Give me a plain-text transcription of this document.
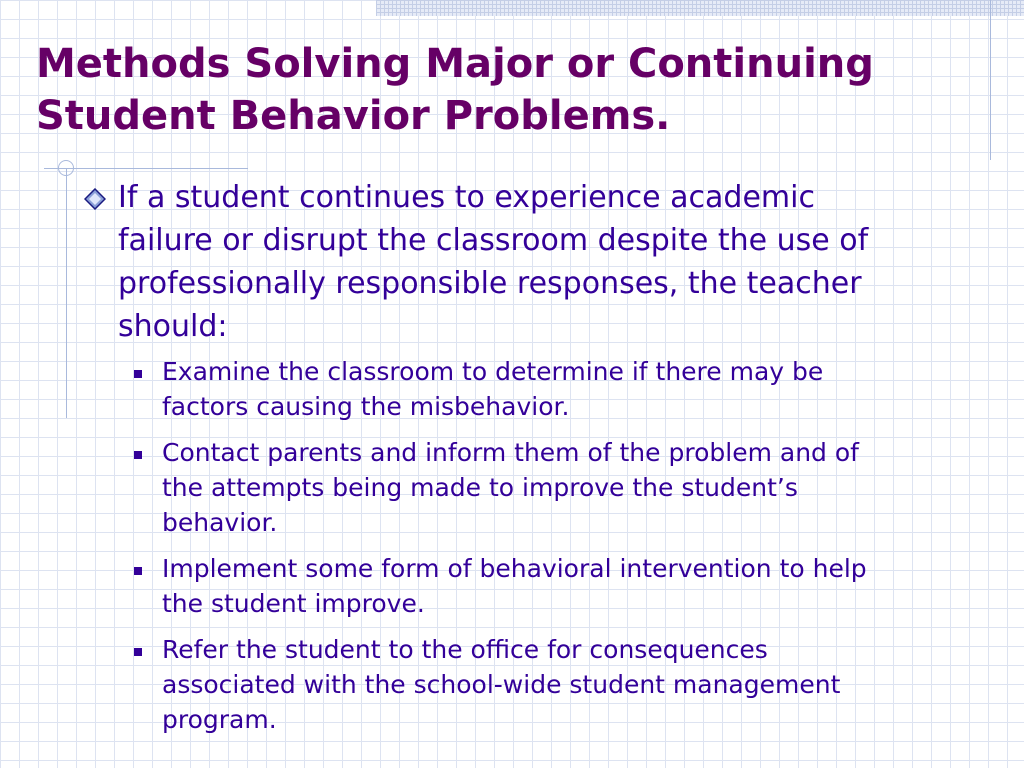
Methods Solving Major or Continuing
Student Behavior Problems.
If a student continues to experience academic
failure or disrupt the classroom despite the use of
professionally responsible responses, the teacher
should:
Examine the classroom to determine if there may be
factors causing the misbehavior.
Contact parents and inform them of the problem and of
the attempts being made to improve the student’s
behavior.
Implement some form of behavioral intervention to help
the student improve.
Refer the student to the office for consequences
associated with the school-wide student management
program.
